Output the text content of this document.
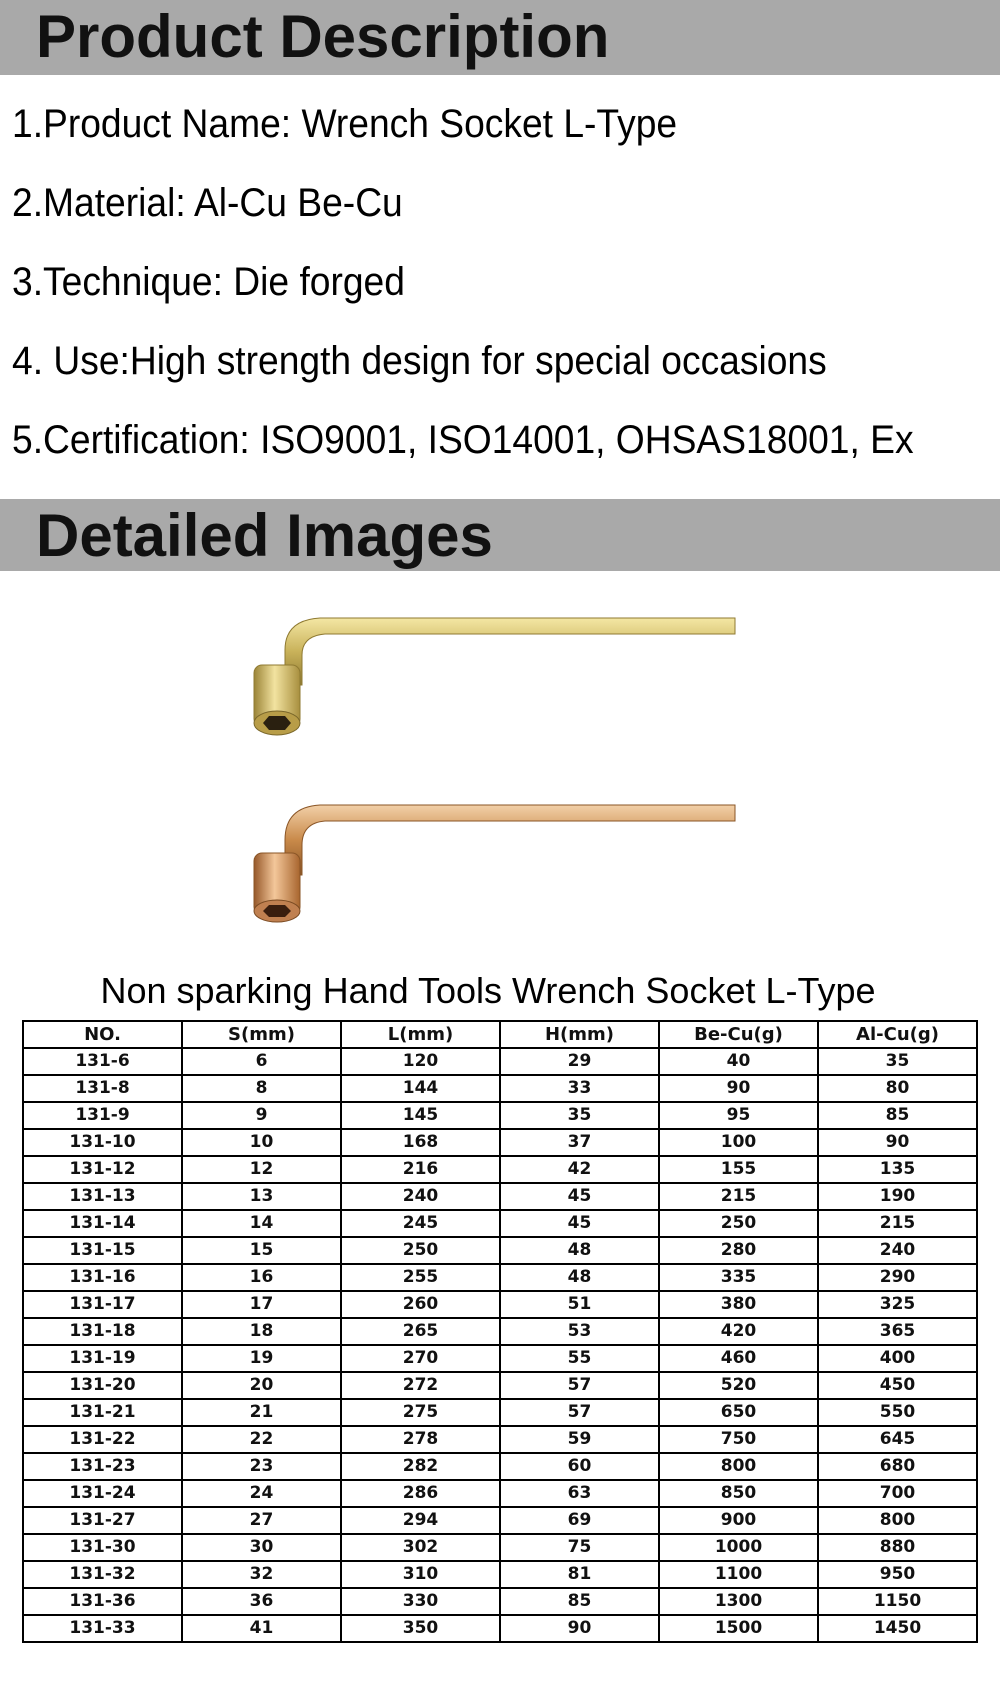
Product Description
1.Product Name: Wrench Socket L-Type
2.Material: Al-Cu Be-Cu
3.Technique: Die forged
4. Use:High strength design for special occasions
5.Certification: ISO9001, ISO14001, OHSAS18001, Ex
Detailed Images
Non sparking Hand Tools Wrench Socket L-Type
NO.	S(mm)	L(mm)	H(mm)	Be-Cu(g)	Al-Cu(g)
131-6	6	120	29	40	35
131-8	8	144	33	90	80
131-9	9	145	35	95	85
131-10	10	168	37	100	90
131-12	12	216	42	155	135
131-13	13	240	45	215	190
131-14	14	245	45	250	215
131-15	15	250	48	280	240
131-16	16	255	48	335	290
131-17	17	260	51	380	325
131-18	18	265	53	420	365
131-19	19	270	55	460	400
131-20	20	272	57	520	450
131-21	21	275	57	650	550
131-22	22	278	59	750	645
131-23	23	282	60	800	680
131-24	24	286	63	850	700
131-27	27	294	69	900	800
131-30	30	302	75	1000	880
131-32	32	310	81	1100	950
131-36	36	330	85	1300	1150
131-33	41	350	90	1500	1450
